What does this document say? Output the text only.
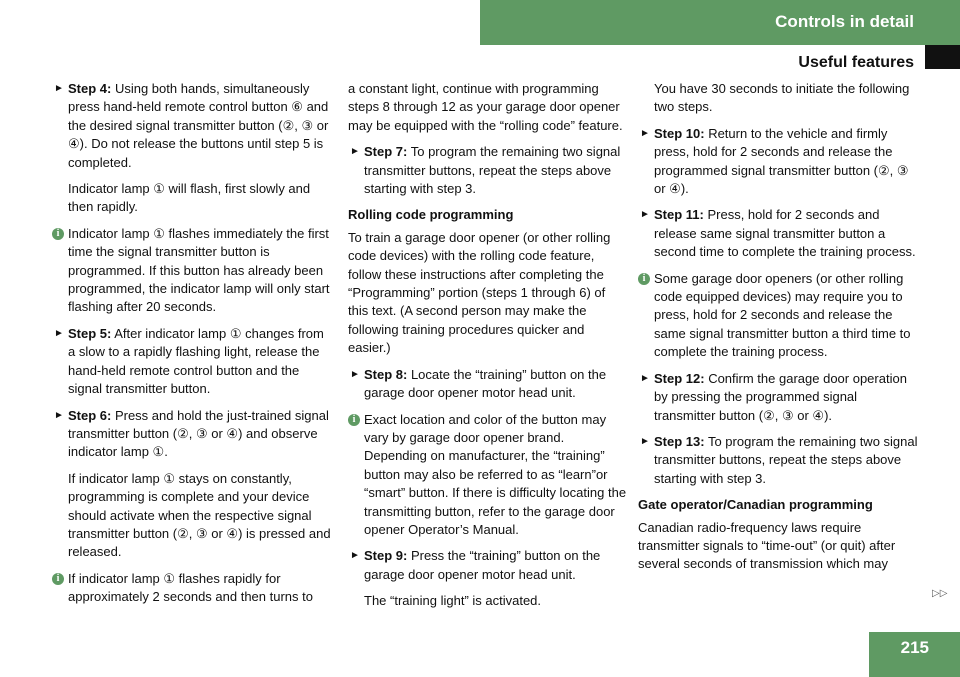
Controls in detail
Useful features
► Step 4: Using both hands, simultaneously press hand-held remote control button ⑥ and the desired signal transmitter button (②, ③ or ④). Do not release the buttons until step 5 is completed.
Indicator lamp ① will flash, first slowly and then rapidly.
i Indicator lamp ① flashes immediately the first time the signal transmitter button is programmed. If this button has already been programmed, the indicator lamp will only start flashing after 20 seconds.
► Step 5: After indicator lamp ① changes from a slow to a rapidly flashing light, release the hand-held remote control button and the signal transmitter button.
► Step 6: Press and hold the just-trained signal transmitter button (②, ③ or ④) and observe indicator lamp ①.
If indicator lamp ① stays on constantly, programming is complete and your device should activate when the respective signal transmitter button (②, ③ or ④) is pressed and released.
i If indicator lamp ① flashes rapidly for approximately 2 seconds and then turns to
a constant light, continue with programming steps 8 through 12 as your garage door opener may be equipped with the “rolling code” feature.
► Step 7: To program the remaining two signal transmitter buttons, repeat the steps above starting with step 3.
Rolling code programming
To train a garage door opener (or other rolling code devices) with the rolling code feature, follow these instructions after completing the “Programming” portion (steps 1 through 6) of this text. (A second person may make the following training procedures quicker and easier.)
► Step 8: Locate the “training” button on the garage door opener motor head unit.
i Exact location and color of the button may vary by garage door opener brand. Depending on manufacturer, the “training” button may also be referred to as “learn”or “smart” button. If there is difficulty locating the transmitting button, refer to the garage door opener Operator’s Manual.
► Step 9: Press the “training” button on the garage door opener motor head unit.
The “training light” is activated.
You have 30 seconds to initiate the following two steps.
► Step 10: Return to the vehicle and firmly press, hold for 2 seconds and release the programmed signal transmitter button (②, ③ or ④).
► Step 11: Press, hold for 2 seconds and release same signal transmitter button a second time to complete the training process.
i Some garage door openers (or other rolling code equipped devices) may require you to press, hold for 2 seconds and release the same signal transmitter button a third time to complete the training process.
► Step 12: Confirm the garage door operation by pressing the programmed signal transmitter button (②, ③ or ④).
► Step 13: To program the remaining two signal transmitter buttons, repeat the steps above starting with step 3.
Gate operator/Canadian programming
Canadian radio-frequency laws require transmitter signals to “time-out” (or quit) after several seconds of transmission which may
▷▷
215
